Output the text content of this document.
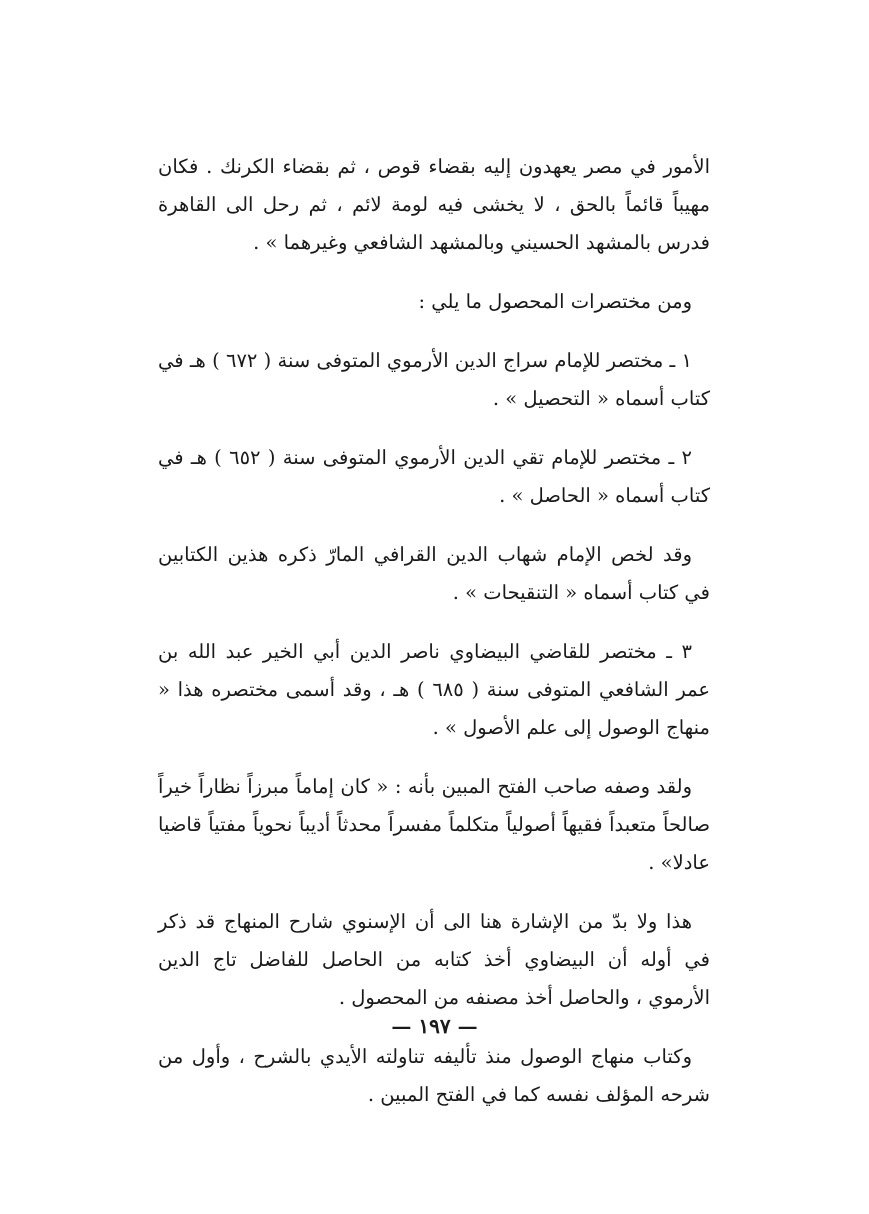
الأمور في مصر يعهدون إليه بقضاء قوص ، ثم بقضاء الكرنك . فكان مهيباً قائماً بالحق ، لا يخشى فيه لومة لائم ، ثم رحل الى القاهرة فدرس بالمشهد الحسيني وبالمشهد الشافعي وغيرهما » .

ومن مختصرات المحصول ما يلي :

١ ـ مختصر للإمام سراج الدين الأرموي المتوفى سنة ( ٦٧٢ ) هـ في كتاب أسماه « التحصيل » .

٢ ـ مختصر للإمام تقي الدين الأرموي المتوفى سنة ( ٦٥٢ ) هـ في كتاب أسماه « الحاصل » .

وقد لخص الإمام شهاب الدين القرافي المارّ ذكره هذين الكتابين في كتاب أسماه « التنقيحات » .

٣ ـ مختصر للقاضي البيضاوي ناصر الدين أبي الخير عبد الله بن عمر الشافعي المتوفى سنة ( ٦٨٥ ) هـ ، وقد أسمى مختصره هذا « منهاج الوصول إلى علم الأصول » .

ولقد وصفه صاحب الفتح المبين بأنه : « كان إماماً مبرزاً نظاراً خيراً صالحاً متعبداً فقيهاً أصولياً متكلماً مفسراً محدثاً أديباً نحوياً مفتياً قاضيا عادلا» .

هذا ولا بدّ من الإشارة هنا الى أن الإسنوي شارح المنهاج قد ذكر في أوله أن البيضاوي أخذ كتابه من الحاصل للفاضل تاج الدين الأرموي ، والحاصل أخذ مصنفه من المحصول .

وكتاب منهاج الوصول منذ تأليفه تناولته الأيدي بالشرح ، وأول من شرحه المؤلف نفسه كما في الفتح المبين .

— ١٩٧ —
